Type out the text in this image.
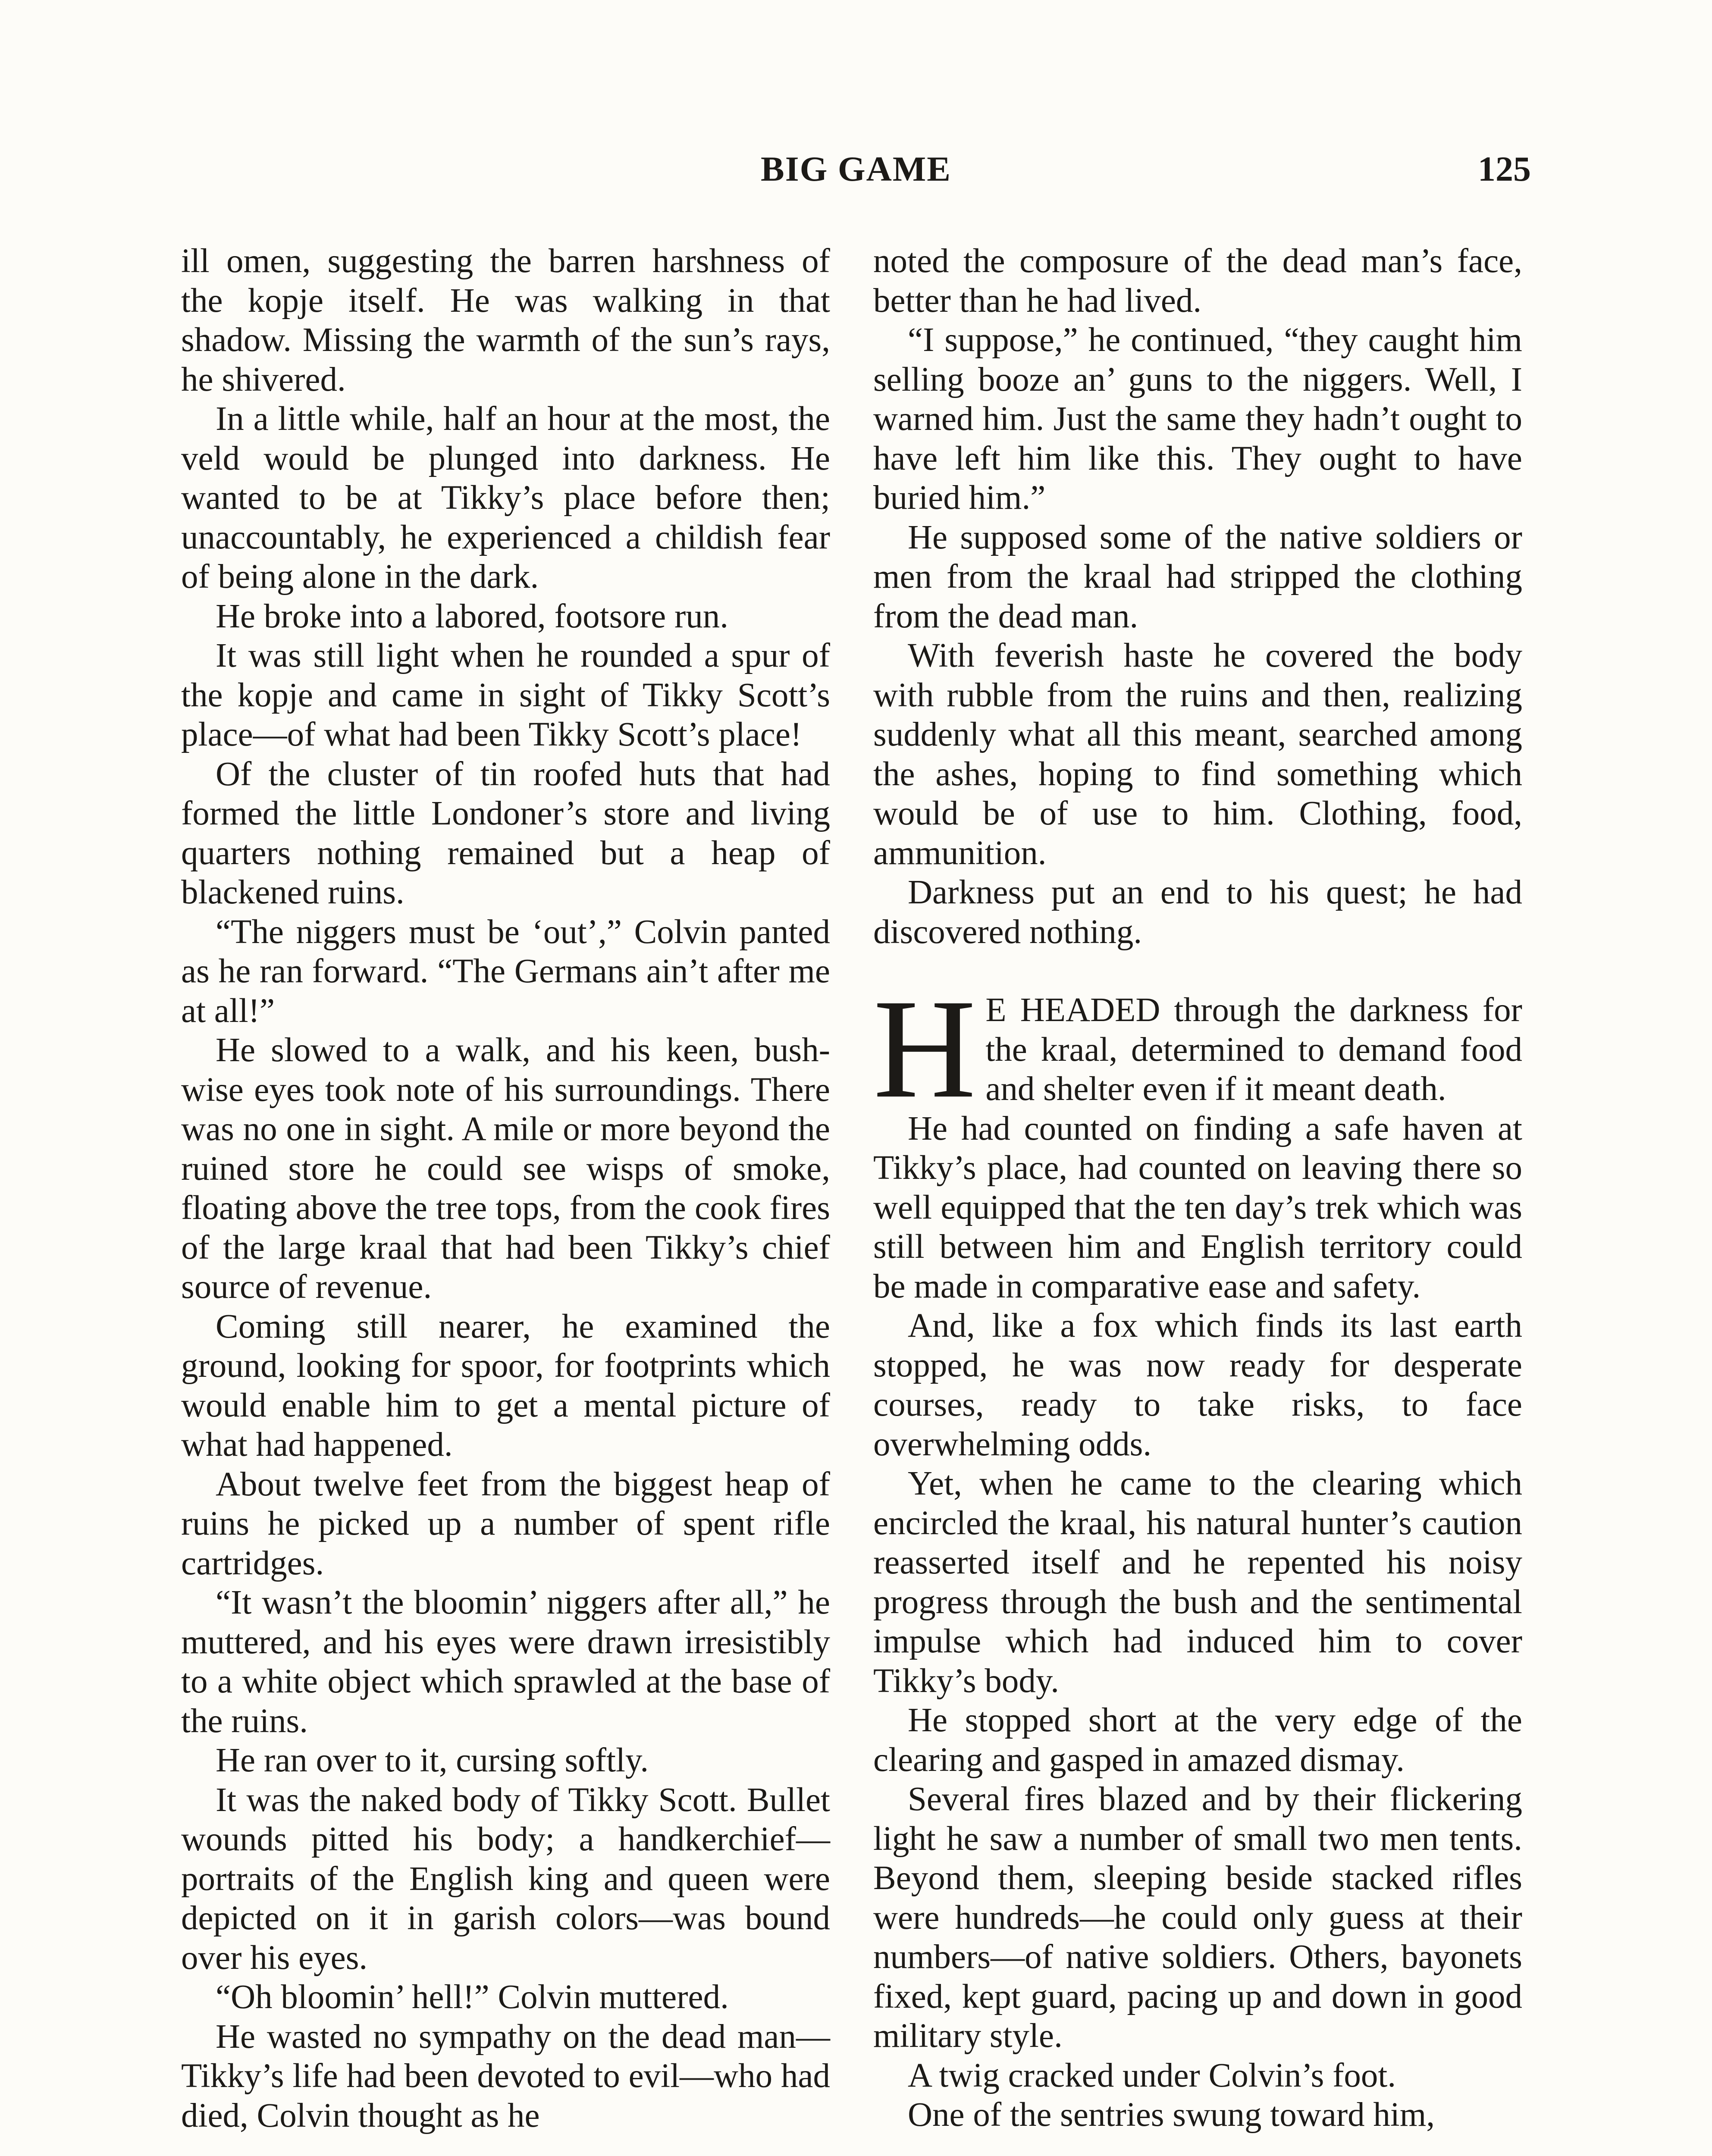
BIG GAME	125

ill omen, suggesting the barren harshness of the kopje itself. He was walking in that shadow. Missing the warmth of the sun’s rays, he shivered.

In a little while, half an hour at the most, the veld would be plunged into darkness. He wanted to be at Tikky’s place before then; unaccountably, he experienced a childish fear of being alone in the dark.

He broke into a labored, footsore run.

It was still light when he rounded a spur of the kopje and came in sight of Tikky Scott’s place—of what had been Tikky Scott’s place!

Of the cluster of tin roofed huts that had formed the little Londoner’s store and living quarters nothing remained but a heap of blackened ruins.

“The niggers must be ‘out’,” Colvin panted as he ran forward. “The Germans ain’t after me at all!”

He slowed to a walk, and his keen, bush-wise eyes took note of his surroundings. There was no one in sight. A mile or more beyond the ruined store he could see wisps of smoke, floating above the tree tops, from the cook fires of the large kraal that had been Tikky’s chief source of revenue.

Coming still nearer, he examined the ground, looking for spoor, for footprints which would enable him to get a mental picture of what had happened.

About twelve feet from the biggest heap of ruins he picked up a number of spent rifle cartridges.

“It wasn’t the bloomin’ niggers after all,” he muttered, and his eyes were drawn irresistibly to a white object which sprawled at the base of the ruins.

He ran over to it, cursing softly.

It was the naked body of Tikky Scott. Bullet wounds pitted his body; a handkerchief—portraits of the English king and queen were depicted on it in garish colors—was bound over his eyes.

“Oh bloomin’ hell!” Colvin muttered.

He wasted no sympathy on the dead man—Tikky’s life had been devoted to evil—who had died, Colvin thought as he

noted the composure of the dead man’s face, better than he had lived.

“I suppose,” he continued, “they caught him selling booze an’ guns to the niggers. Well, I warned him. Just the same they hadn’t ought to have left him like this. They ought to have buried him.”

He supposed some of the native soldiers or men from the kraal had stripped the clothing from the dead man.

With feverish haste he covered the body with rubble from the ruins and then, realizing suddenly what all this meant, searched among the ashes, hoping to find something which would be of use to him. Clothing, food, ammunition.

Darkness put an end to his quest; he had discovered nothing.

H E HEADED through the darkness for the kraal, determined to demand food and shelter even if it meant death.

He had counted on finding a safe haven at Tikky’s place, had counted on leaving there so well equipped that the ten day’s trek which was still between him and English territory could be made in comparative ease and safety.

And, like a fox which finds its last earth stopped, he was now ready for desperate courses, ready to take risks, to face overwhelming odds.

Yet, when he came to the clearing which encircled the kraal, his natural hunter’s caution reasserted itself and he repented his noisy progress through the bush and the sentimental impulse which had induced him to cover Tikky’s body.

He stopped short at the very edge of the clearing and gasped in amazed dismay.

Several fires blazed and by their flickering light he saw a number of small two men tents. Beyond them, sleeping beside stacked rifles were hundreds—he could only guess at their numbers—of native soldiers. Others, bayonets fixed, kept guard, pacing up and down in good military style.

A twig cracked under Colvin’s foot.

One of the sentries swung toward him,
